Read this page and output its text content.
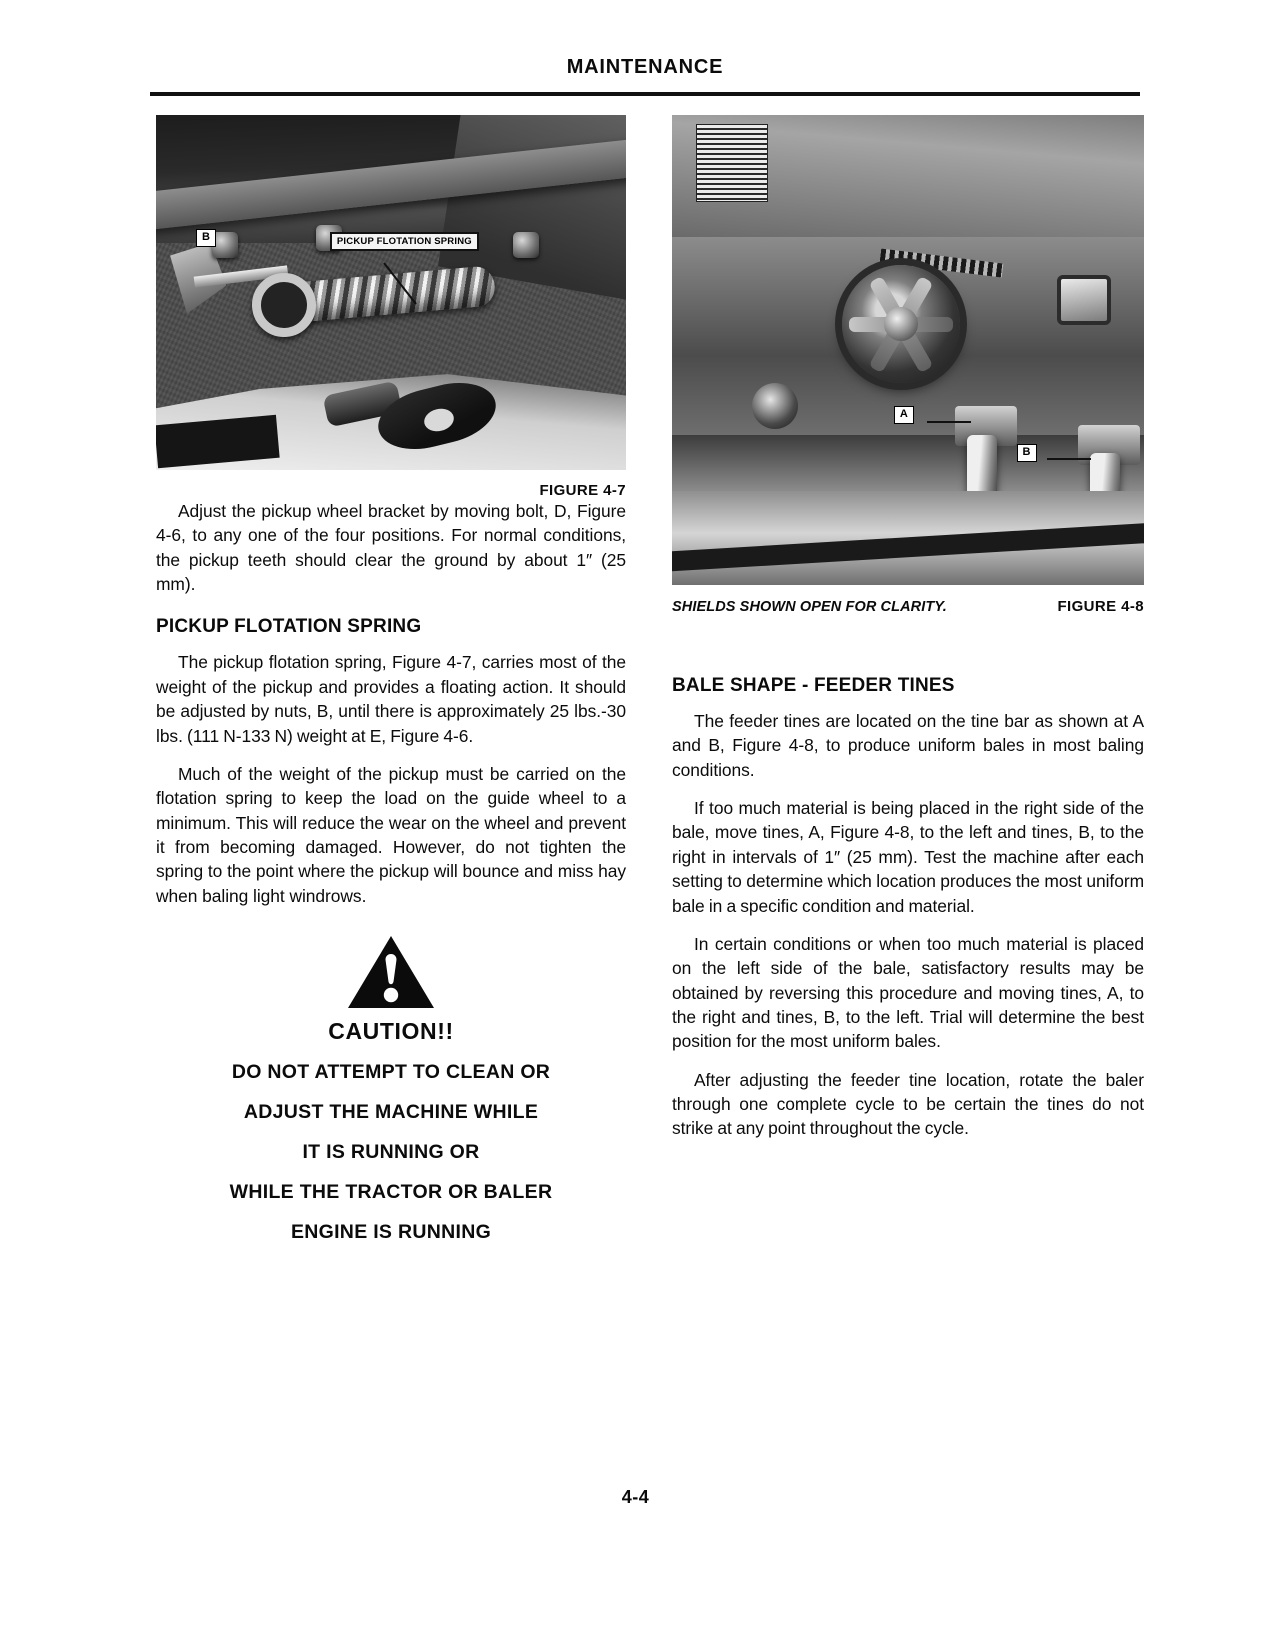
MAINTENANCE
B	PICKUP FLOTATION SPRING
FIGURE 4-7

Adjust the pickup wheel bracket by moving bolt, D, Figure 4-6, to any one of the four positions. For normal conditions, the pickup teeth should clear the ground by about 1″ (25 mm).

PICKUP FLOTATION SPRING

The pickup flotation spring, Figure 4-7, carries most of the weight of the pickup and provides a floating action. It should be adjusted by nuts, B, until there is approximately 25 lbs.-30 lbs. (111 N-133 N) weight at E, Figure 4-6.

Much of the weight of the pickup must be carried on the flotation spring to keep the load on the guide wheel to a minimum. This will reduce the wear on the wheel and prevent it from becoming damaged. However, do not tighten the spring to the point where the pickup will bounce and miss hay when baling light windrows.

CAUTION!!
DO NOT ATTEMPT TO CLEAN OR
ADJUST THE MACHINE WHILE
IT IS RUNNING OR
WHILE THE TRACTOR OR BALER
ENGINE IS RUNNING
A
B
SHIELDS SHOWN OPEN FOR CLARITY.	FIGURE 4-8
BALE SHAPE - FEEDER TINES

The feeder tines are located on the tine bar as shown at A and B, Figure 4-8, to produce uniform bales in most baling conditions.

If too much material is being placed in the right side of the bale, move tines, A, Figure 4-8, to the left and tines, B, to the right in intervals of 1″ (25 mm). Test the machine after each setting to determine which location produces the most uniform bale in a specific condition and material.

In certain conditions or when too much material is placed on the left side of the bale, satisfactory results may be obtained by reversing this procedure and moving tines, A, to the right and tines, B, to the left. Trial will determine the best position for the most uniform bales.

After adjusting the feeder tine location, rotate the baler through one complete cycle to be certain the tines do not strike at any point throughout the cycle.

4-4
